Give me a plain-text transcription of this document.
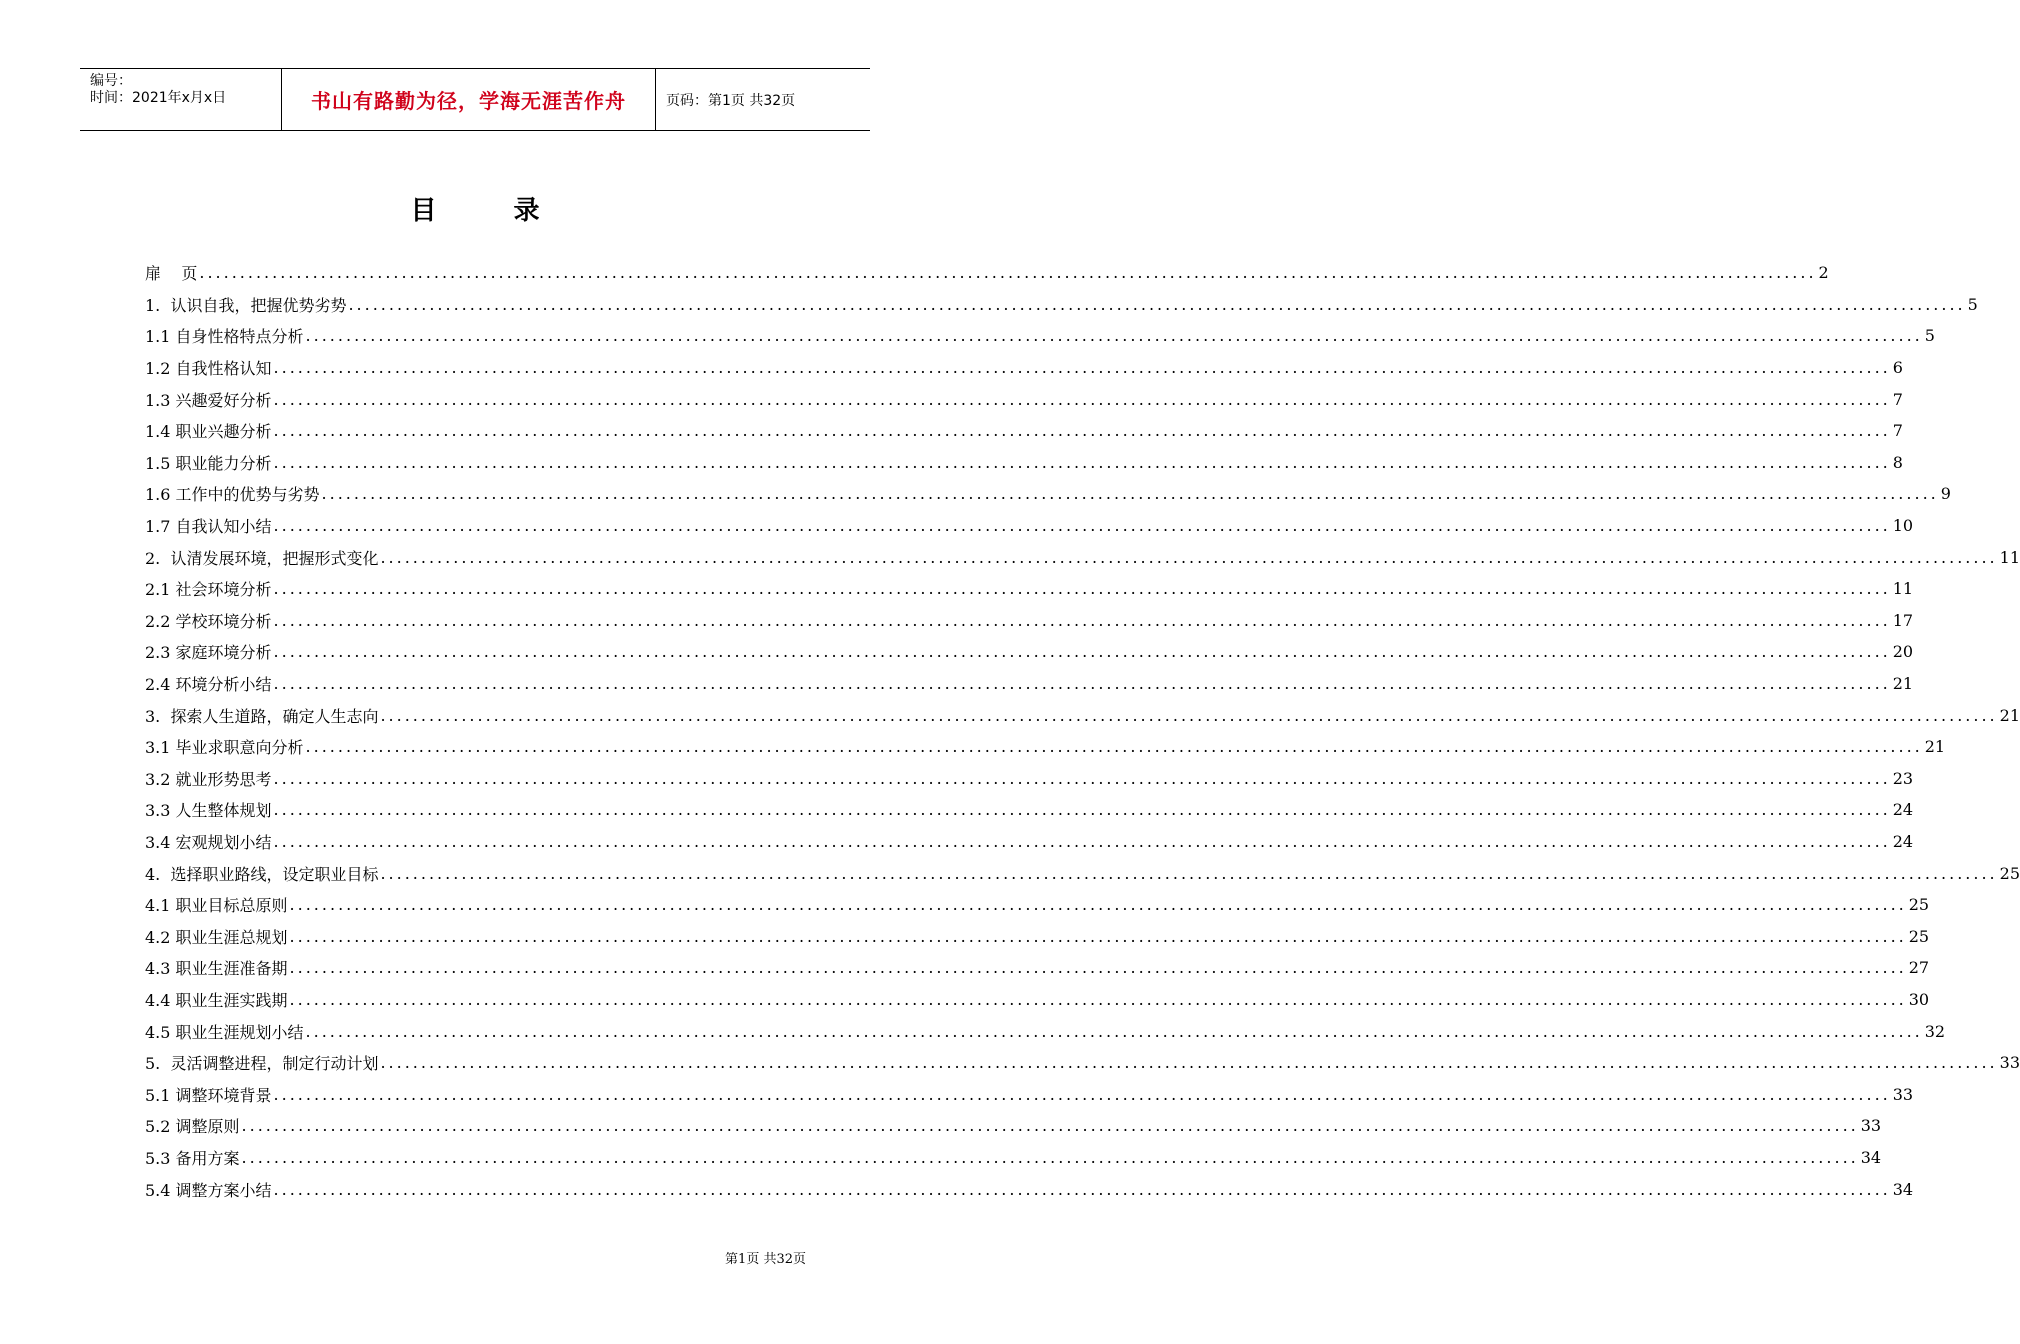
编号：
时间：2021年x月x日	书山有路勤为径，学海无涯苦作舟	页码：第1页 共32页
目 录
扉    页 ........................................................................................................................................................................................................ 2
1.  认识自我，把握优势劣势 ........................................................................................................................................................................................................ 5
1.1 自身性格特点分析 ........................................................................................................................................................................................................ 5
1.2 自我性格认知 ........................................................................................................................................................................................................ 6
1.3 兴趣爱好分析 ........................................................................................................................................................................................................ 7
1.4 职业兴趣分析 ........................................................................................................................................................................................................ 7
1.5 职业能力分析 ........................................................................................................................................................................................................ 8
1.6 工作中的优势与劣势 ........................................................................................................................................................................................................ 9
1.7 自我认知小结 ........................................................................................................................................................................................................ 10
2.  认清发展环境，把握形式变化 ........................................................................................................................................................................................................ 11
2.1 社会环境分析 ........................................................................................................................................................................................................ 11
2.2 学校环境分析 ........................................................................................................................................................................................................ 17
2.3 家庭环境分析 ........................................................................................................................................................................................................ 20
2.4 环境分析小结 ........................................................................................................................................................................................................ 21
3.  探索人生道路，确定人生志向 ........................................................................................................................................................................................................ 21
3.1 毕业求职意向分析 ........................................................................................................................................................................................................ 21
3.2 就业形势思考 ........................................................................................................................................................................................................ 23
3.3 人生整体规划 ........................................................................................................................................................................................................ 24
3.4 宏观规划小结 ........................................................................................................................................................................................................ 24
4.  选择职业路线，设定职业目标 ........................................................................................................................................................................................................ 25
4.1 职业目标总原则 ........................................................................................................................................................................................................ 25
4.2 职业生涯总规划 ........................................................................................................................................................................................................ 25
4.3 职业生涯准备期 ........................................................................................................................................................................................................ 27
4.4 职业生涯实践期 ........................................................................................................................................................................................................ 30
4.5 职业生涯规划小结 ........................................................................................................................................................................................................ 32
5.  灵活调整进程，制定行动计划 ........................................................................................................................................................................................................ 33
5.1 调整环境背景 ........................................................................................................................................................................................................ 33
5.2 调整原则 ........................................................................................................................................................................................................ 33
5.3 备用方案 ........................................................................................................................................................................................................ 34
5.4 调整方案小结 ........................................................................................................................................................................................................ 34
第1页 共32页
